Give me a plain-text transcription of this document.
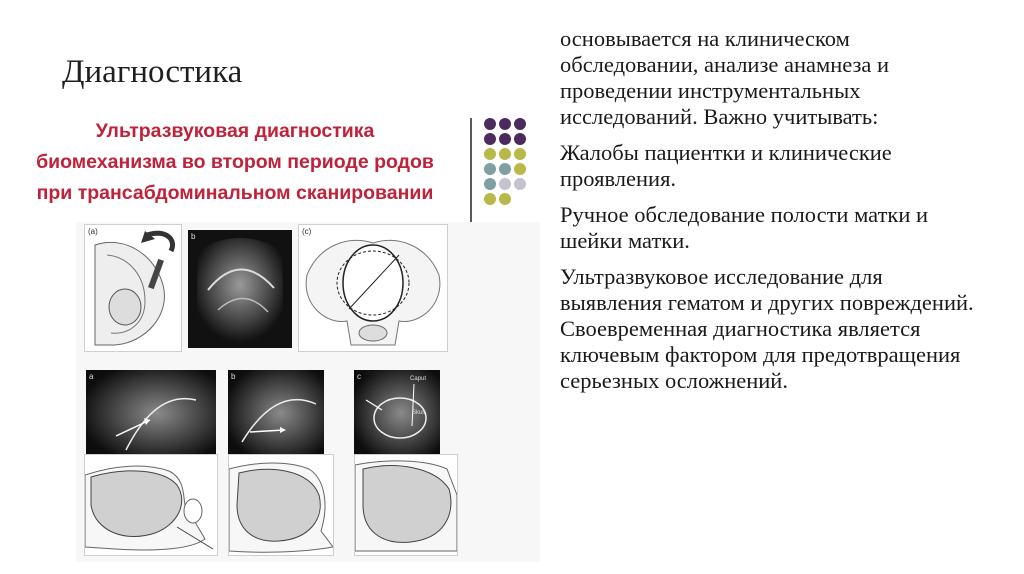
Диагностика
Ультразвуковая диагностика
биомеханизма во втором периоде родов
при трансабдоминальном сканировании
(a)
b
(c)
a	Pubis	b	Pubis	c Pubis
Caput
Skull

основывается на клиническом обследовании, анализе анамнеза и проведении инструментальных исследований. Важно учитывать:

Жалобы пациентки и клинические проявления.

Ручное обследование полости матки и шейки матки.

Ультразвуковое исследование для выявления гематом и других повреждений. Своевременная диагностика является ключевым фактором для предотвращения серьезных осложнений.
